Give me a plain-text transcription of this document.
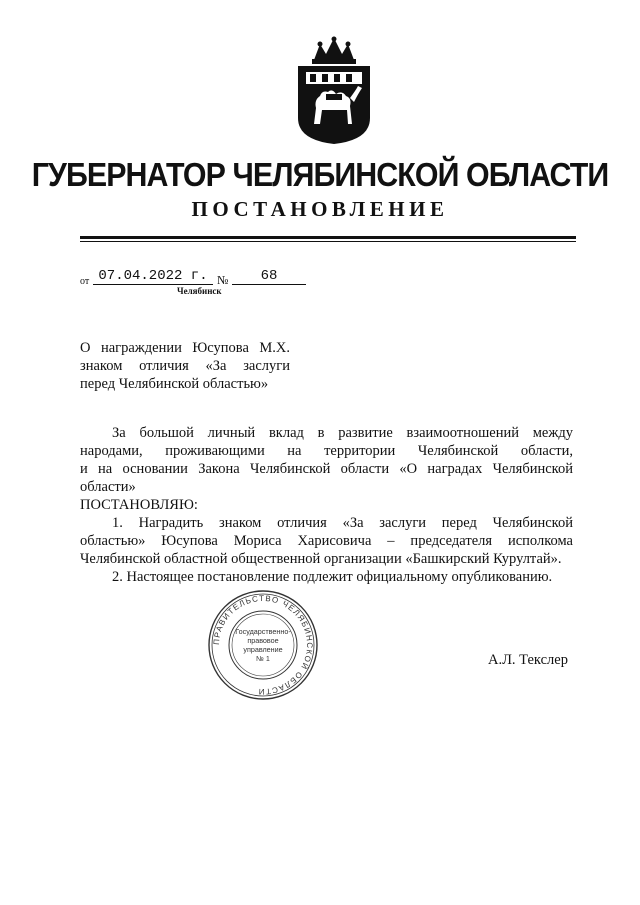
ГУБЕРНАТОР ЧЕЛЯБИНСКОЙ ОБЛАСТИ
ПОСТАНОВЛЕНИЕ
от 07.04.2022 г. №	68
Челябинск
О награждении Юсупова М.Х.
знаком отличия «За заслуги
перед Челябинской областью»
За большой личный вклад в развитие взаимоотношений между
народами, проживающими на территории Челябинской области,
и на основании Закона Челябинской области «О наградах Челябинской
области»
ПОСТАНОВЛЯЮ:
1. Наградить знаком отличия «За заслуги перед Челябинской
областью» Юсупова Мориса Харисовича – председателя исполкома
Челябинской областной общественной организации «Башкирский Курултай».
2. Настоящее постановление подлежит официальному опубликованию.
ПРАВИТЕЛЬСТВО ЧЕЛЯБИНСКОЙ ОБЛАСТИ
Государственно-
правовое
управление
№ 1	А.Л. Текслер
